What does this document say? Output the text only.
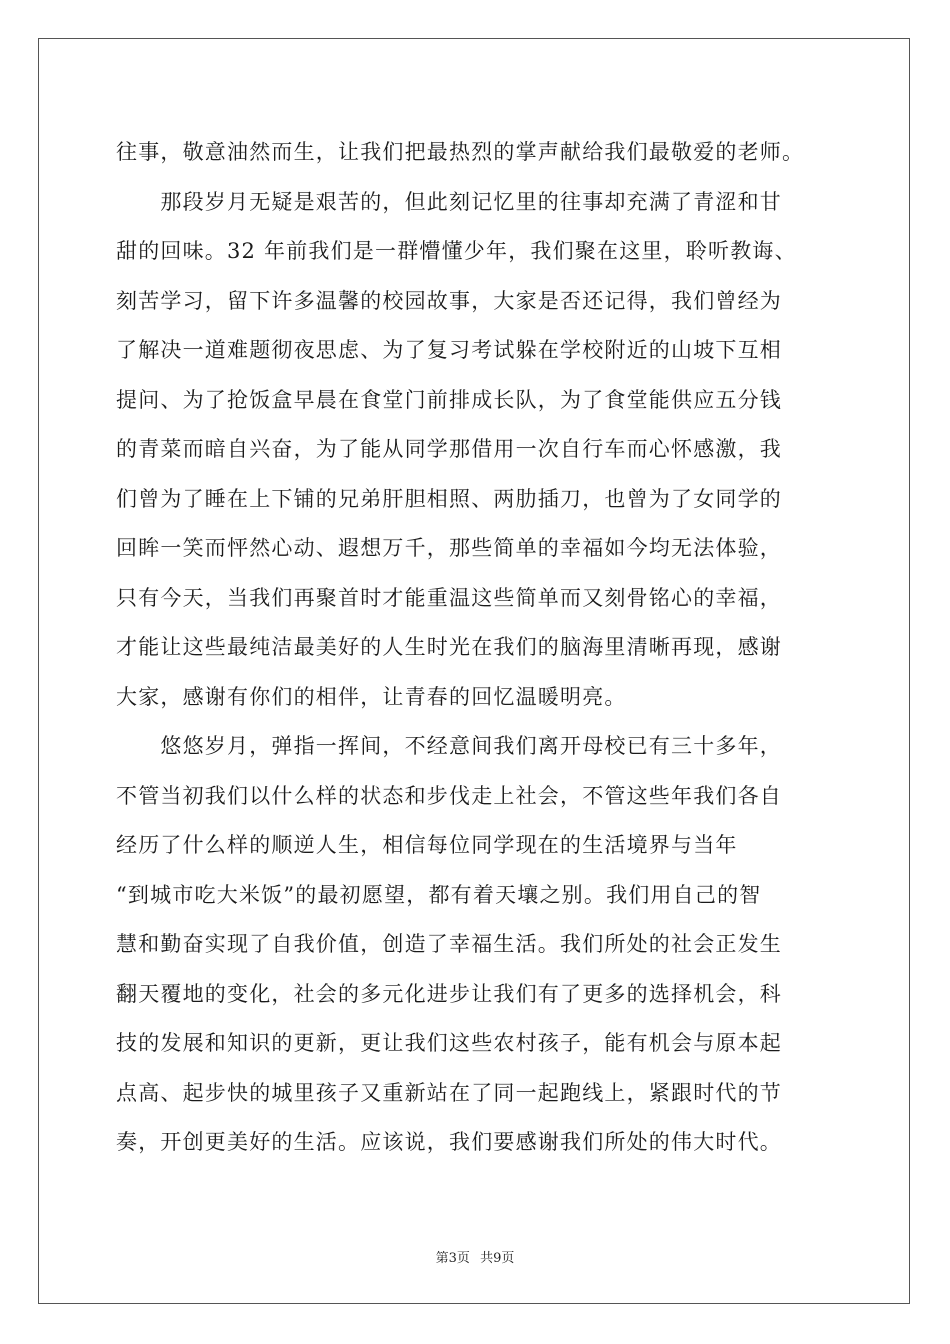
往事，敬意油然而生，让我们把最热烈的掌声献给我们最敬爱的老师。
　　那段岁月无疑是艰苦的，但此刻记忆里的往事却充满了青涩和甘
甜的回味。32 年前我们是一群懵懂少年，我们聚在这里，聆听教诲、
刻苦学习，留下许多温馨的校园故事，大家是否还记得，我们曾经为
了解决一道难题彻夜思虑、为了复习考试躲在学校附近的山坡下互相
提问、为了抢饭盒早晨在食堂门前排成长队，为了食堂能供应五分钱
的青菜而暗自兴奋，为了能从同学那借用一次自行车而心怀感激，我
们曾为了睡在上下铺的兄弟肝胆相照、两肋插刀，也曾为了女同学的
回眸一笑而怦然心动、遐想万千，那些简单的幸福如今均无法体验，
只有今天，当我们再聚首时才能重温这些简单而又刻骨铭心的幸福，
才能让这些最纯洁最美好的人生时光在我们的脑海里清晰再现，感谢
大家，感谢有你们的相伴，让青春的回忆温暖明亮。
　　悠悠岁月，弹指一挥间，不经意间我们离开母校已有三十多年，
不管当初我们以什么样的状态和步伐走上社会，不管这些年我们各自
经历了什么样的顺逆人生，相信每位同学现在的生活境界与当年
“到城市吃大米饭”的最初愿望，都有着天壤之别。我们用自己的智
慧和勤奋实现了自我价值，创造了幸福生活。我们所处的社会正发生
翻天覆地的变化，社会的多元化进步让我们有了更多的选择机会，科
技的发展和知识的更新，更让我们这些农村孩子，能有机会与原本起
点高、起步快的城里孩子又重新站在了同一起跑线上，紧跟时代的节
奏，开创更美好的生活。应该说，我们要感谢我们所处的伟大时代。
第3页 共9页
